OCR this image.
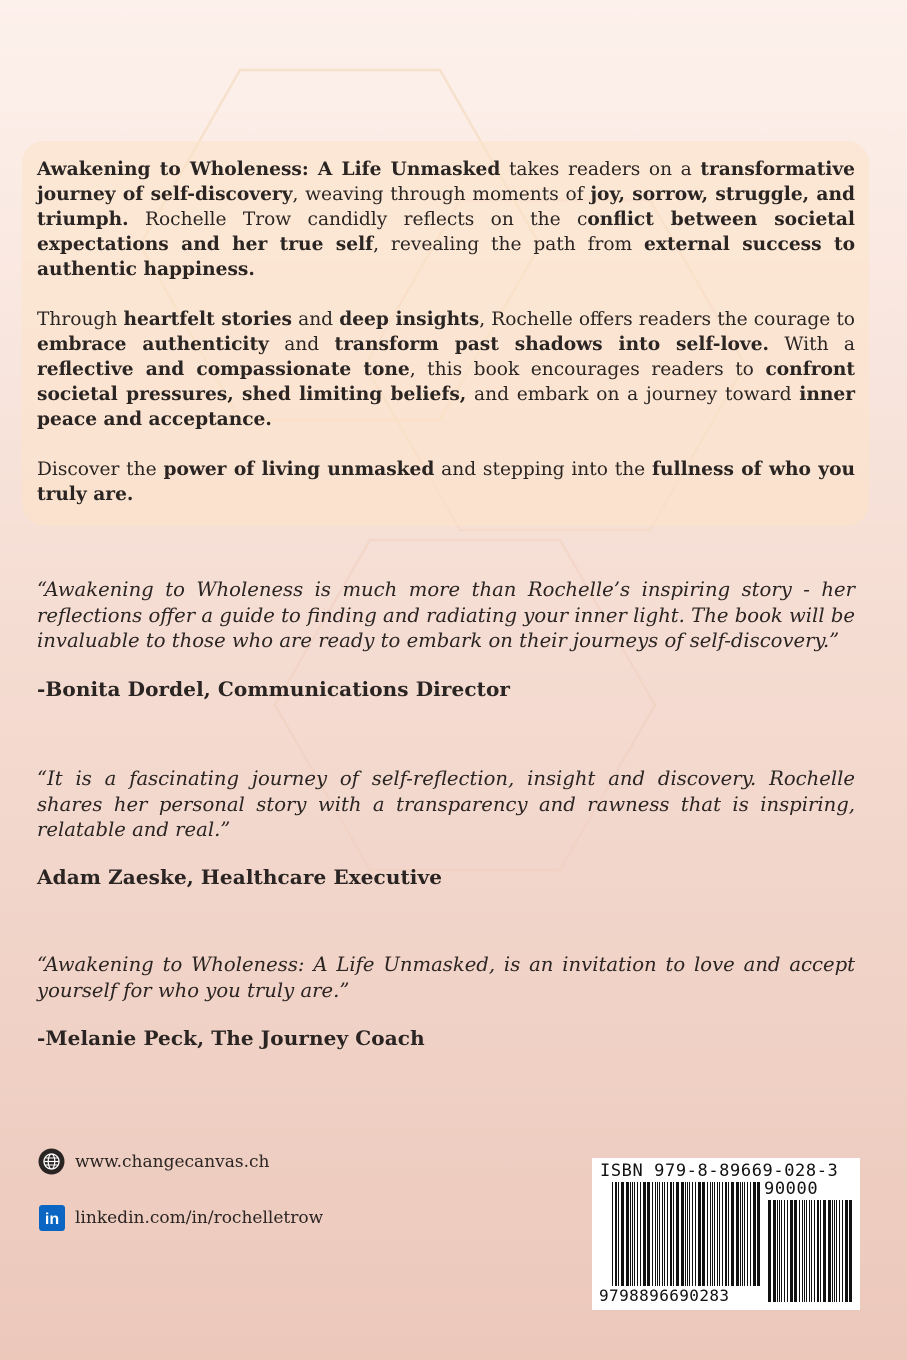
Awakening to Wholeness: A Life Unmasked takes readers on a transformative journey of self-discovery, weaving through moments of joy, sorrow, struggle, and triumph. Rochelle Trow candidly reflects on the conflict between societal expectations and her true self, revealing the path from external success to authentic happiness.

Through heartfelt stories and deep insights, Rochelle offers readers the courage to embrace authenticity and transform past shadows into self-love. With a reflective and compassionate tone, this book encourages readers to confront societal pressures, shed limiting beliefs, and embark on a journey toward inner peace and acceptance.

Discover the power of living unmasked and stepping into the fullness of who you truly are.

“Awakening to Wholeness is much more than Rochelle’s inspiring story - her reflections offer a guide to finding and radiating your inner light. The book will be invaluable to those who are ready to embark on their journeys of self-discovery.”
-Bonita Dordel, Communications Director
“It is a fascinating journey of self-reflection, insight and discovery. Rochelle shares her personal story with a transparency and rawness that is inspiring, relatable and real.”
Adam Zaeske, Healthcare Executive
“Awakening to Wholeness: A Life Unmasked, is an invitation to love and accept yourself for who you truly are.”
-Melanie Peck, The Journey Coach
www.changecanvas.ch
in linkedin.com/in/rochelletrow
ISBN 979-8-89669-028-3
90000
9798896690283
